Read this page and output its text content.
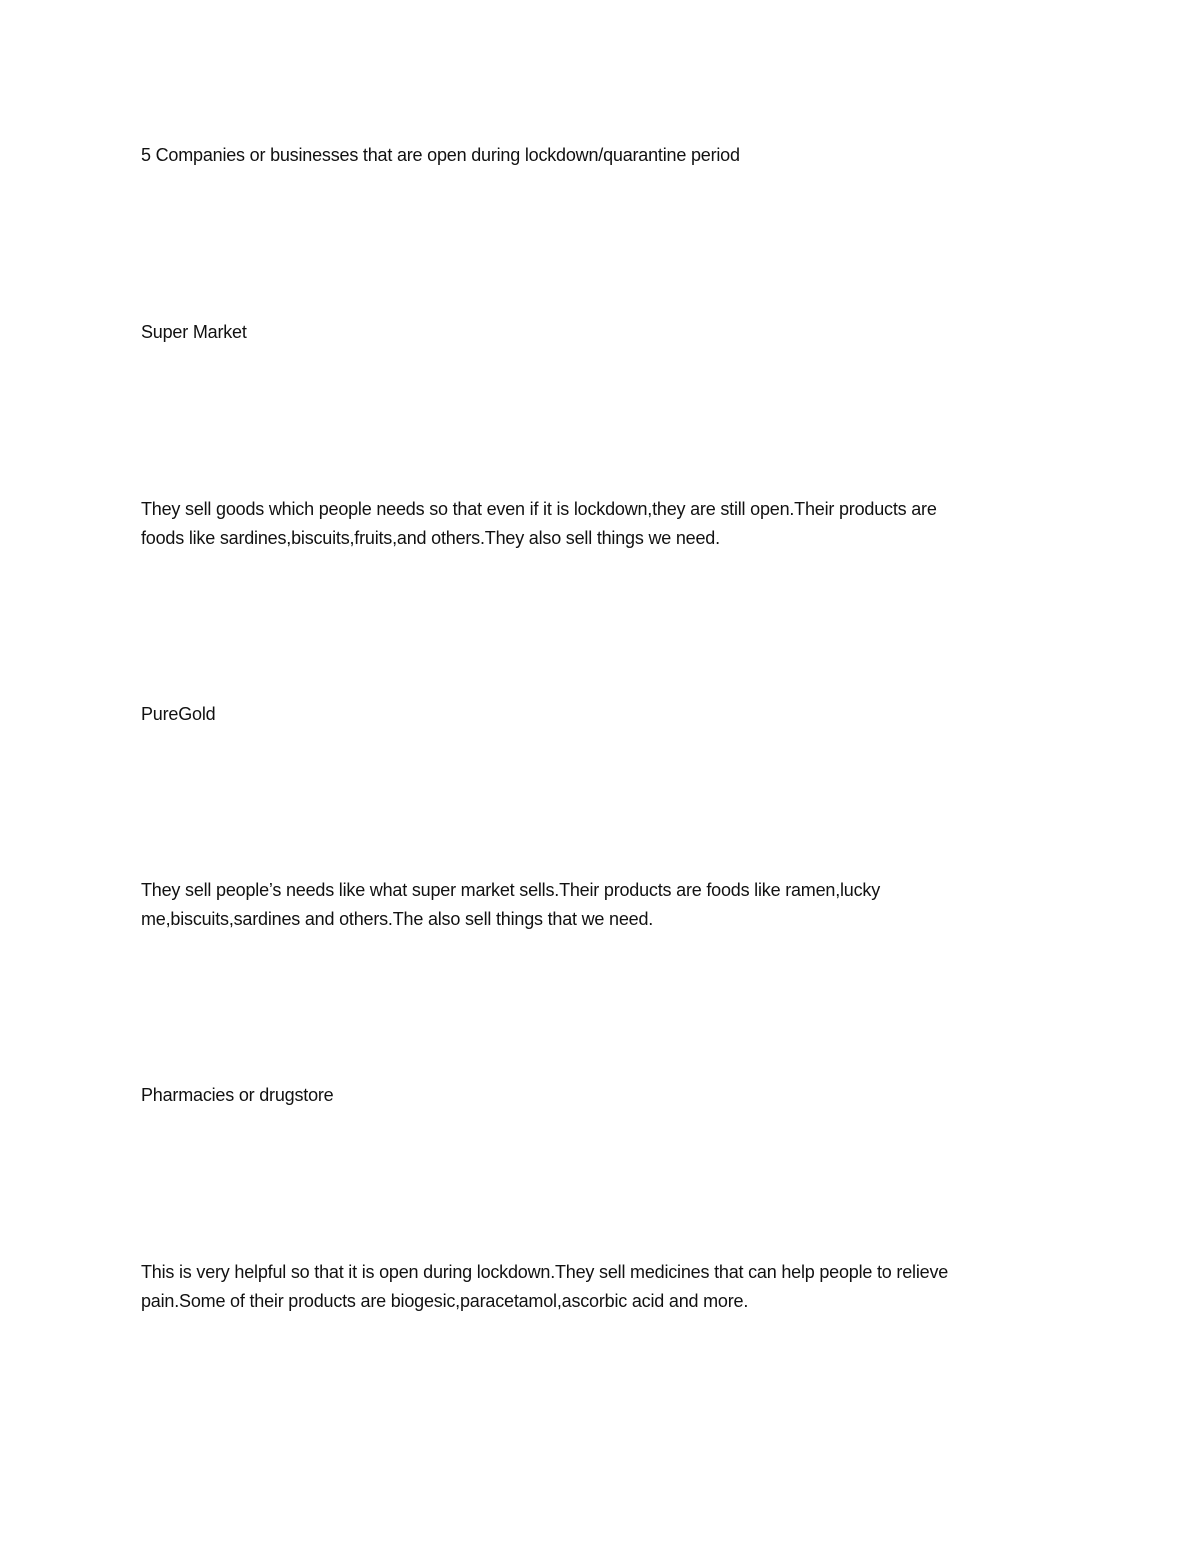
5 Companies or businesses that are open during lockdown/quarantine period
Super Market
They sell goods which people needs so that even if it is lockdown,they are still open.Their products are
foods like sardines,biscuits,fruits,and others.They also sell things we need.
PureGold
They sell people’s needs like what super market sells.Their products are foods like ramen,lucky
me,biscuits,sardines and others.The also sell things that we need.
Pharmacies or drugstore
This is very helpful so that it is open during lockdown.They sell medicines that can help people to relieve
pain.Some of their products are biogesic,paracetamol,ascorbic acid and more.
